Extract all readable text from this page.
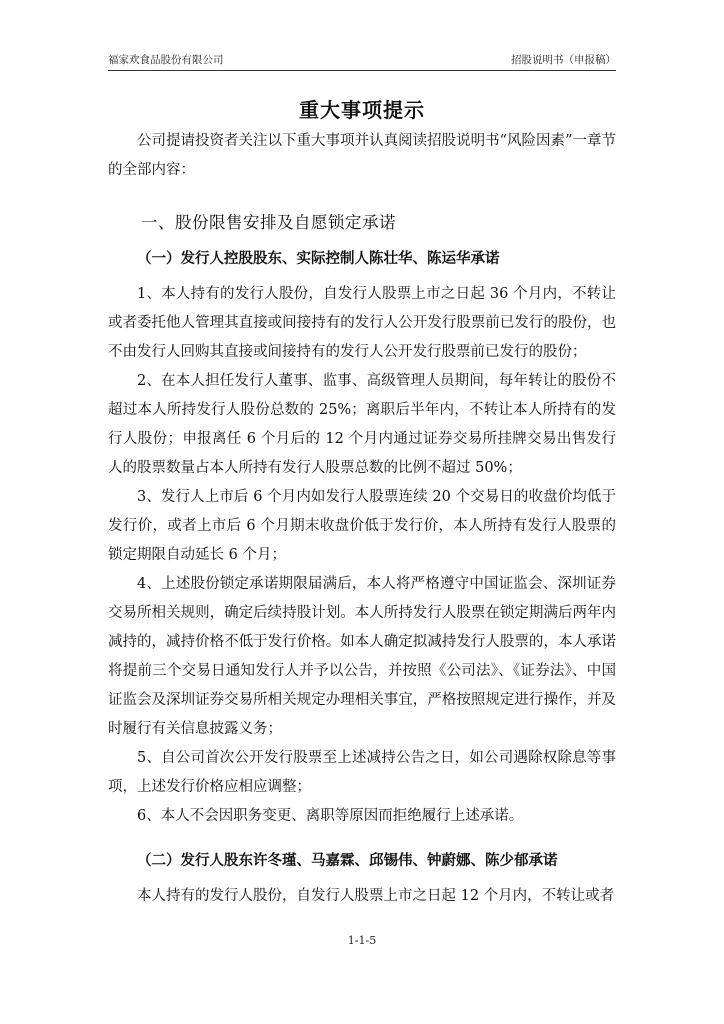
福家欢食品股份有限公司	招股说明书（申报稿）
重大事项提示

公司提请投资者关注以下重大事项并认真阅读招股说明书“风险因素”一章节的全部内容：

一、股份限售安排及自愿锁定承诺
（一）发行人控股股东、实际控制人陈壮华、陈运华承诺

1、本人持有的发行人股份，自发行人股票上市之日起 36 个月内，不转让或者委托他人管理其直接或间接持有的发行人公开发行股票前已发行的股份，也不由发行人回购其直接或间接持有的发行人公开发行股票前已发行的股份；

2、在本人担任发行人董事、监事、高级管理人员期间，每年转让的股份不超过本人所持发行人股份总数的 25%；离职后半年内，不转让本人所持有的发行人股份；申报离任 6 个月后的 12 个月内通过证券交易所挂牌交易出售发行人的股票数量占本人所持有发行人股票总数的比例不超过 50%；

3、发行人上市后 6 个月内如发行人股票连续 20 个交易日的收盘价均低于发行价，或者上市后 6 个月期末收盘价低于发行价，本人所持有发行人股票的锁定期限自动延长 6 个月；

4、上述股份锁定承诺期限届满后，本人将严格遵守中国证监会、深圳证券交易所相关规则，确定后续持股计划。本人所持发行人股票在锁定期满后两年内减持的，减持价格不低于发行价格。如本人确定拟减持发行人股票的，本人承诺将提前三个交易日通知发行人并予以公告，并按照《公司法》、《证券法》、中国证监会及深圳证券交易所相关规定办理相关事宜，严格按照规定进行操作，并及时履行有关信息披露义务；

5、自公司首次公开发行股票至上述减持公告之日，如公司遇除权除息等事项，上述发行价格应相应调整；

6、本人不会因职务变更、离职等原因而拒绝履行上述承诺。

（二）发行人股东许冬瑾、马嘉霖、邱锡伟、钟蔚娜、陈少郁承诺

本人持有的发行人股份，自发行人股票上市之日起 12 个月内，不转让或者

1-1-5
